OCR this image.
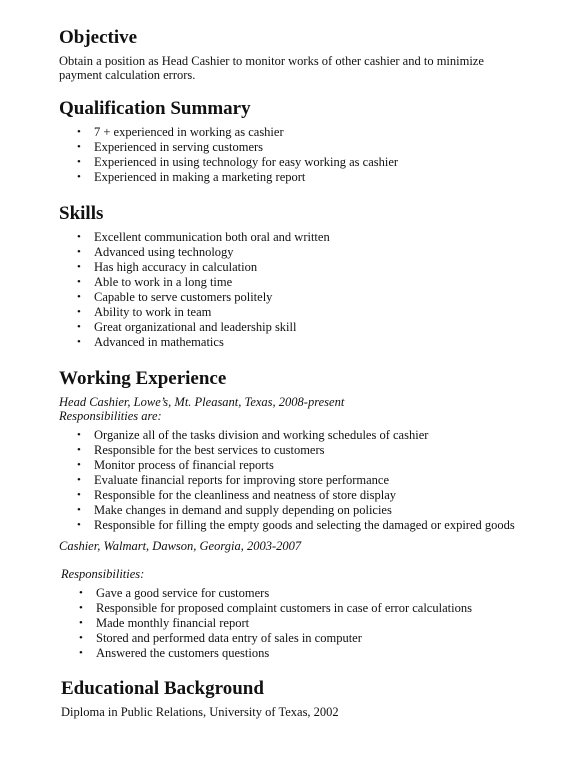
Objective

Obtain a position as Head Cashier to monitor works of other cashier and to minimize payment calculation errors.

Qualification Summary
• 7 + experienced in working as cashier
• Experienced in serving customers
• Experienced in using technology for easy working as cashier
• Experienced in making a marketing report
Skills
• Excellent communication both oral and written
• Advanced using technology
• Has high accuracy in calculation
• Able to work in a long time
• Capable to serve customers politely
• Ability to work in team
• Great organizational and leadership skill
• Advanced in mathematics
Working Experience
Head Cashier, Lowe’s, Mt. Pleasant, Texas, 2008-present
Responsibilities are:
• Organize all of the tasks division and working schedules of cashier
• Responsible for the best services to customers
• Monitor process of financial reports
• Evaluate financial reports for improving store performance
• Responsible for the cleanliness and neatness of store display
• Make changes in demand and supply depending on policies
• Responsible for filling the empty goods and selecting the damaged or expired goods
Cashier, Walmart, Dawson, Georgia, 2003-2007
Responsibilities:
• Gave a good service for customers
• Responsible for proposed complaint customers in case of error calculations
• Made monthly financial report
• Stored and performed data entry of sales in computer
• Answered the customers questions
Educational Background

Diploma in Public Relations, University of Texas, 2002
